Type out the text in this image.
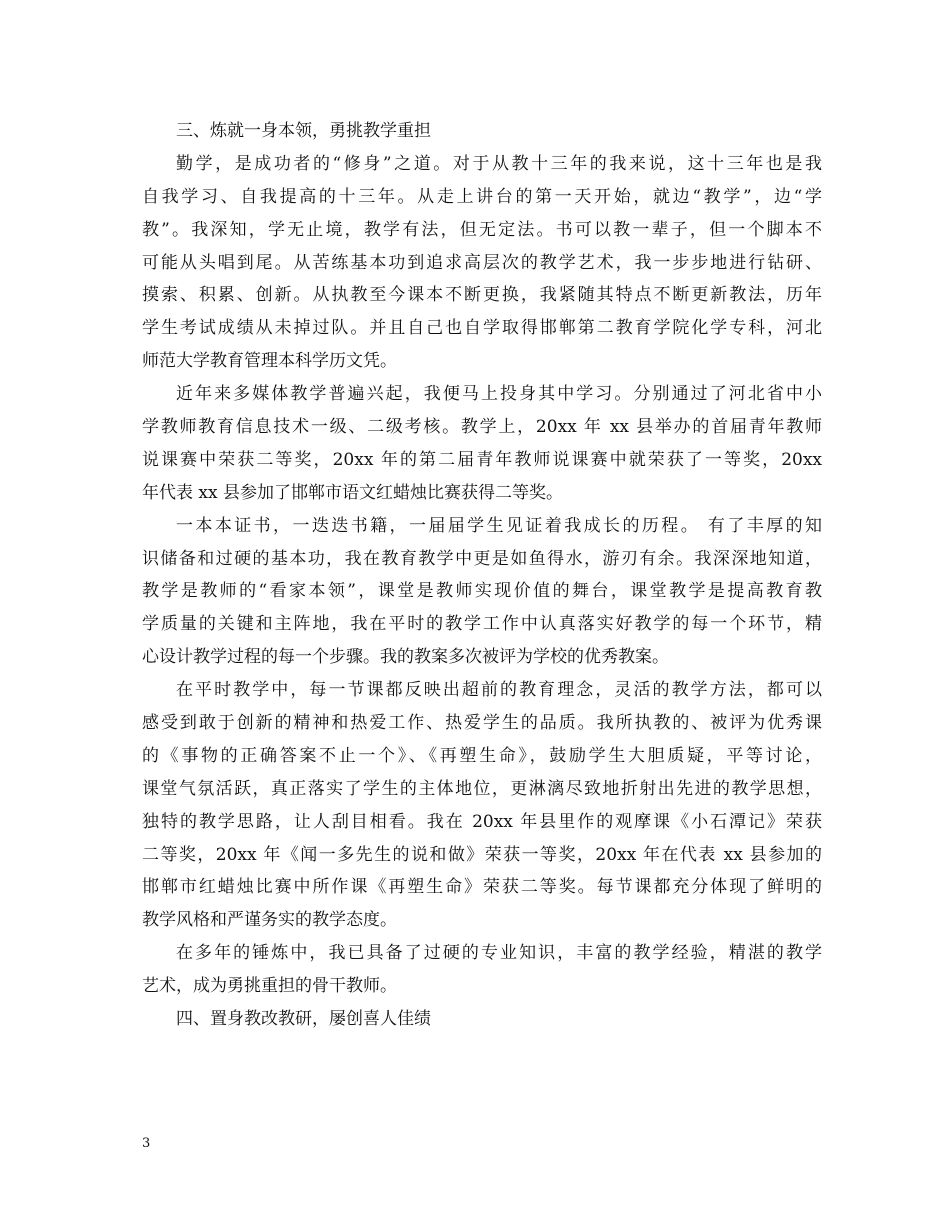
三、炼就一身本领，勇挑教学重担
勤学，是成功者的“修身”之道。对于从教十三年的我来说，这十三年也是我
自我学习、自我提高的十三年。从走上讲台的第一天开始，就边“教学”，边“学
教”。我深知，学无止境，教学有法，但无定法。书可以教一辈子，但一个脚本不
可能从头唱到尾。从苦练基本功到追求高层次的教学艺术，我一步步地进行钻研、
摸索、积累、创新。从执教至今课本不断更换，我紧随其特点不断更新教法，历年
学生考试成绩从未掉过队。并且自己也自学取得邯郸第二教育学院化学专科，河北
师范大学教育管理本科学历文凭。
近年来多媒体教学普遍兴起，我便马上投身其中学习。分别通过了河北省中小
学教师教育信息技术一级、二级考核。教学上，20xx 年 xx 县举办的首届青年教师
说课赛中荣获二等奖，20xx 年的第二届青年教师说课赛中就荣获了一等奖，20xx
年代表 xx 县参加了邯郸市语文红蜡烛比赛获得二等奖。
一本本证书，一迭迭书籍，一届届学生见证着我成长的历程。 有了丰厚的知
识储备和过硬的基本功，我在教育教学中更是如鱼得水，游刃有余。我深深地知道，
教学是教师的“看家本领”，课堂是教师实现价值的舞台，课堂教学是提高教育教
学质量的关键和主阵地，我在平时的教学工作中认真落实好教学的每一个环节，精
心设计教学过程的每一个步骤。我的教案多次被评为学校的优秀教案。
在平时教学中，每一节课都反映出超前的教育理念，灵活的教学方法，都可以
感受到敢于创新的精神和热爱工作、热爱学生的品质。我所执教的、被评为优秀课
的《事物的正确答案不止一个》、《再塑生命》，鼓励学生大胆质疑，平等讨论，
课堂气氛活跃，真正落实了学生的主体地位，更淋漓尽致地折射出先进的教学思想，
独特的教学思路，让人刮目相看。我在 20xx 年县里作的观摩课《小石潭记》荣获
二等奖，20xx 年《闻一多先生的说和做》荣获一等奖，20xx 年在代表 xx 县参加的
邯郸市红蜡烛比赛中所作课《再塑生命》荣获二等奖。每节课都充分体现了鲜明的
教学风格和严谨务实的教学态度。
在多年的锤炼中，我已具备了过硬的专业知识，丰富的教学经验，精湛的教学
艺术，成为勇挑重担的骨干教师。
四、置身教改教研，屡创喜人佳绩
3
